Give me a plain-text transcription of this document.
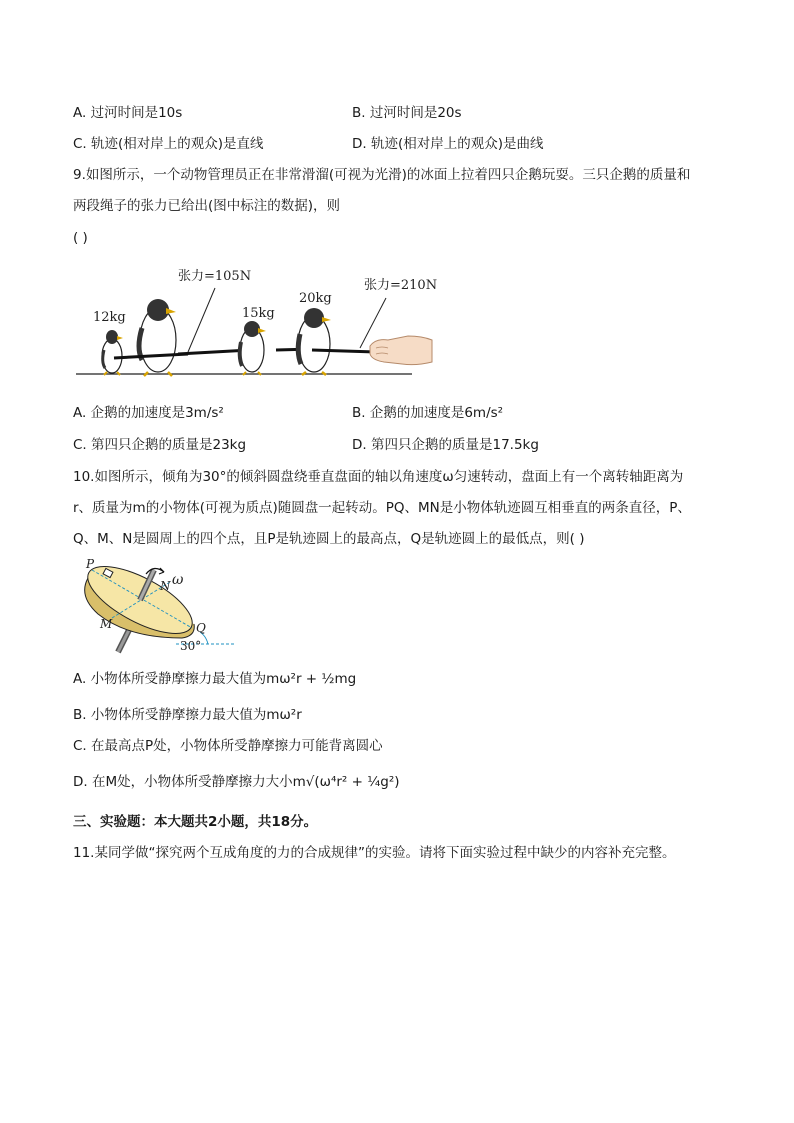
A. 过河时间是10s	B. 过河时间是20s
C. 轨迹(相对岸上的观众)是直线	D. 轨迹(相对岸上的观众)是曲线
9.如图所示，一个动物管理员正在非常滑溜(可视为光滑)的冰面上拉着四只企鹅玩耍。三只企鹅的质量和
两段绳子的张力已给出(图中标注的数据)，则
( )
张力=105N
12kg	15kg
20kg
张力=210N
A. 企鹅的加速度是3m/s²	B. 企鹅的加速度是6m/s²
C. 第四只企鹅的质量是23kg	D. 第四只企鹅的质量是17.5kg
10.如图所示，倾角为30°的倾斜圆盘绕垂直盘面的轴以角速度ω匀速转动，盘面上有一个离转轴距离为
r、质量为m的小物体(可视为质点)随圆盘一起转动。PQ、MN是小物体轨迹圆互相垂直的两条直径，P、
Q、M、N是圆周上的四个点，且P是轨迹圆上的最高点，Q是轨迹圆上的最低点，则( )
P
N ω
M	Q
30°
A. 小物体所受静摩擦力最大值为mω²r + ½mg
B. 小物体所受静摩擦力最大值为mω²r
C. 在最高点P处，小物体所受静摩擦力可能背离圆心
D. 在M处，小物体所受静摩擦力大小m√(ω⁴r² + ¼g²)
三、实验题：本大题共2小题，共18分。
11.某同学做“探究两个互成角度的力的合成规律”的实验。请将下面实验过程中缺少的内容补充完整。
